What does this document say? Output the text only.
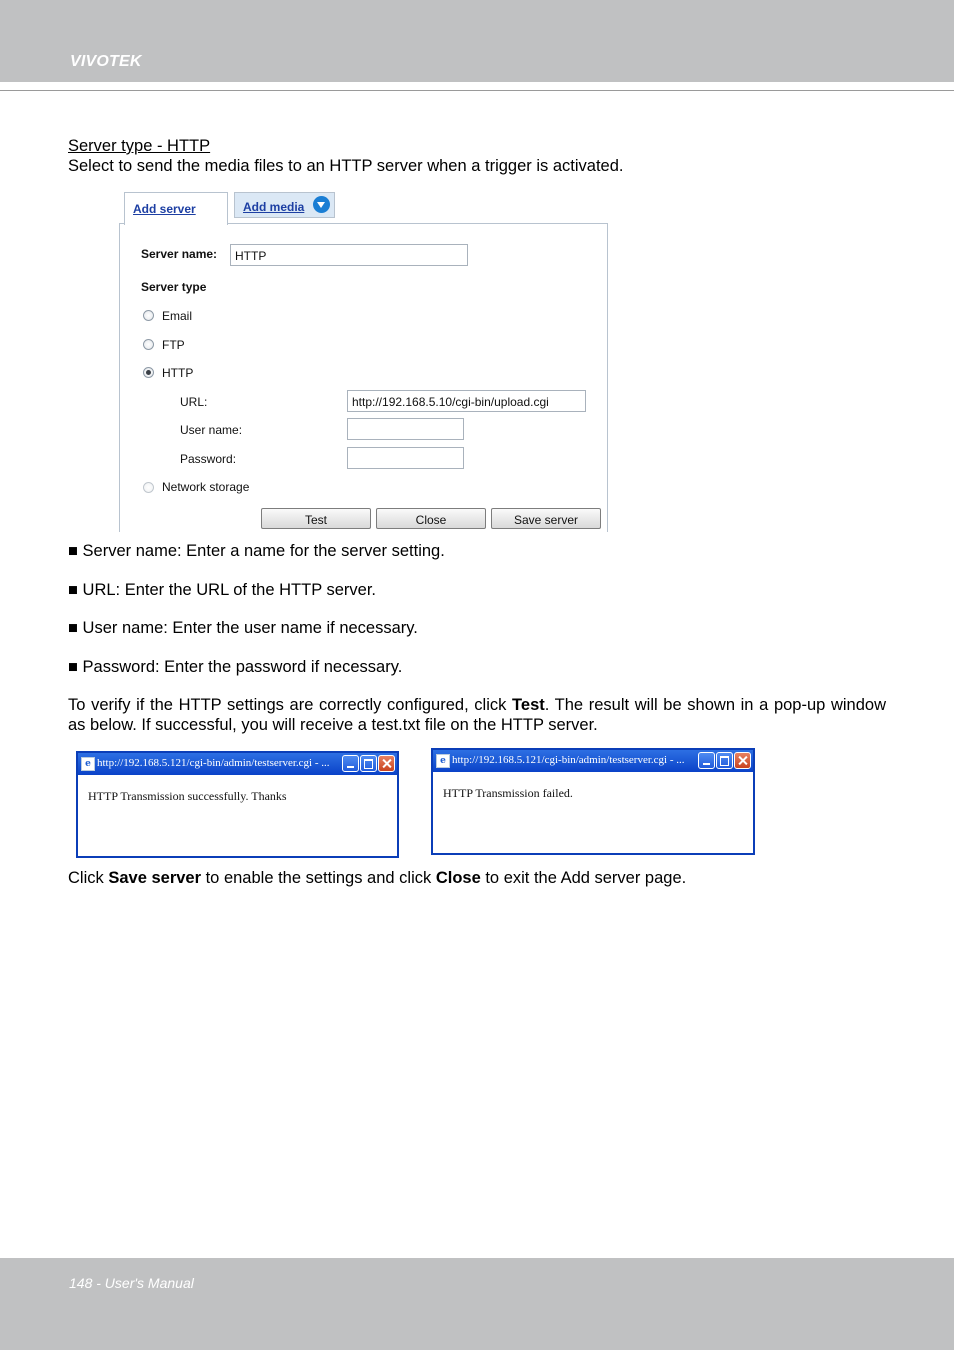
VIVOTEK
Server type - HTTP
Select to send the media files to an HTTP server when a trigger is activated.
Add server	Add media
Server name:	HTTP
Server type
Email
FTP
HTTP
URL:	http://192.168.5.10/cgi-bin/upload.cgi
User name:
Password:
Network storage
Test	Close	Save server
■ Server name: Enter a name for the server setting.
■ URL: Enter the URL of the HTTP server.
■ User name: Enter the user name if necessary.
■ Password: Enter the password if necessary.
To verify if the HTTP settings are correctly configured, click Test. The result will be shown in a pop-up window as below. If successful, you will receive a test.txt file on the HTTP server.
e http://192.168.5.121/cgi-bin/admin/testserver.cgi - ...
HTTP Transmission successfully. Thanks
e http://192.168.5.121/cgi-bin/admin/testserver.cgi - ...
HTTP Transmission failed.
Click Save server to enable the settings and click Close to exit the Add server page.
148 - User's Manual
